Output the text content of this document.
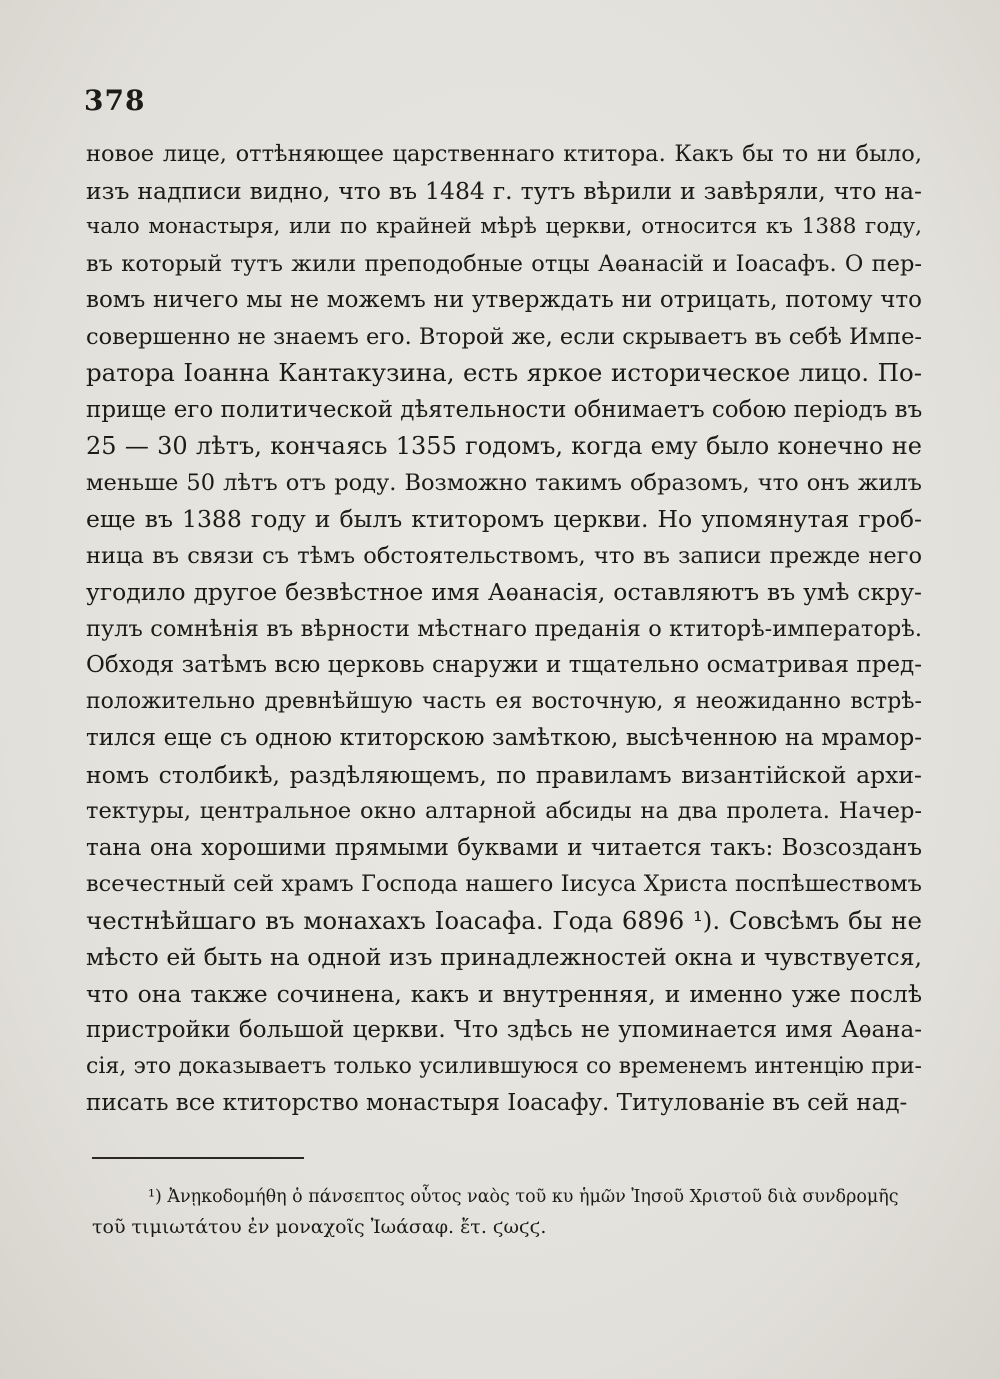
378
новое лице, оттѣняющее царственнаго ктитора. Какъ бы то ни было,
изъ надписи видно, что въ 1484 г. тутъ вѣрили и завѣряли, что на-
чало монастыря, или по крайней мѣрѣ церкви, относится къ 1388 году,
въ который тутъ жили преподобные отцы Аѳанасій и Іоасафъ. О пер-
вомъ ничего мы не можемъ ни утверждать ни отрицать, потому что
совершенно не знаемъ его. Второй же, если скрываетъ въ себѣ Импе-
ратора Іоанна Кантакузина, есть яркое историческое лицо. По-
прище его политической дѣятельности обнимаетъ собою періодъ въ
25 — 30 лѣтъ, кончаясь 1355 годомъ, когда ему было конечно не
меньше 50 лѣтъ отъ роду. Возможно такимъ образомъ, что онъ жилъ
еще въ 1388 году и былъ ктиторомъ церкви. Но упомянутая гроб-
ница въ связи съ тѣмъ обстоятельствомъ, что въ записи прежде него
угодило другое безвѣстное имя Аѳанасія, оставляютъ въ умѣ скру-
пулъ сомнѣнія въ вѣрности мѣстнаго преданія о ктиторѣ-императорѣ.
Обходя затѣмъ всю церковь снаружи и тщательно осматривая пред-
положительно древнѣйшую часть ея восточную, я неожиданно встрѣ-
тился еще съ одною ктиторскою замѣткою, высѣченною на мрамор-
номъ столбикѣ, раздѣляющемъ, по правиламъ византійской архи-
тектуры, центральное окно алтарной абсиды на два пролета. Начер-
тана она хорошими прямыми буквами и читается такъ: Возсозданъ
всечестный сей храмъ Господа нашего Іисуса Христа поспѣшествомъ
честнѣйшаго въ монахахъ Іоасафа. Года 6896 ¹). Совсѣмъ бы не
мѣсто ей быть на одной изъ принадлежностей окна и чувствуется,
что она также сочинена, какъ и внутренняя, и именно уже послѣ
пристройки большой церкви. Что здѣсь не упоминается имя Аѳана-
сія, это доказываетъ только усилившуюся со временемъ интенцію при-
писать все ктиторство монастыря Іоасафу. Титулованіе въ сей над-
¹) Ἀνῃκοδομήθη ὁ πάνσεπτος οὗτος ναὸς τοῦ κυ ἡμῶν Ἰησοῦ Χριστοῦ διὰ συνδρομῆς
τοῦ τιμιωτάτου ἐν μοναχοῖς Ἰωάσαφ. ἔτ. ϛωϛϛ.
